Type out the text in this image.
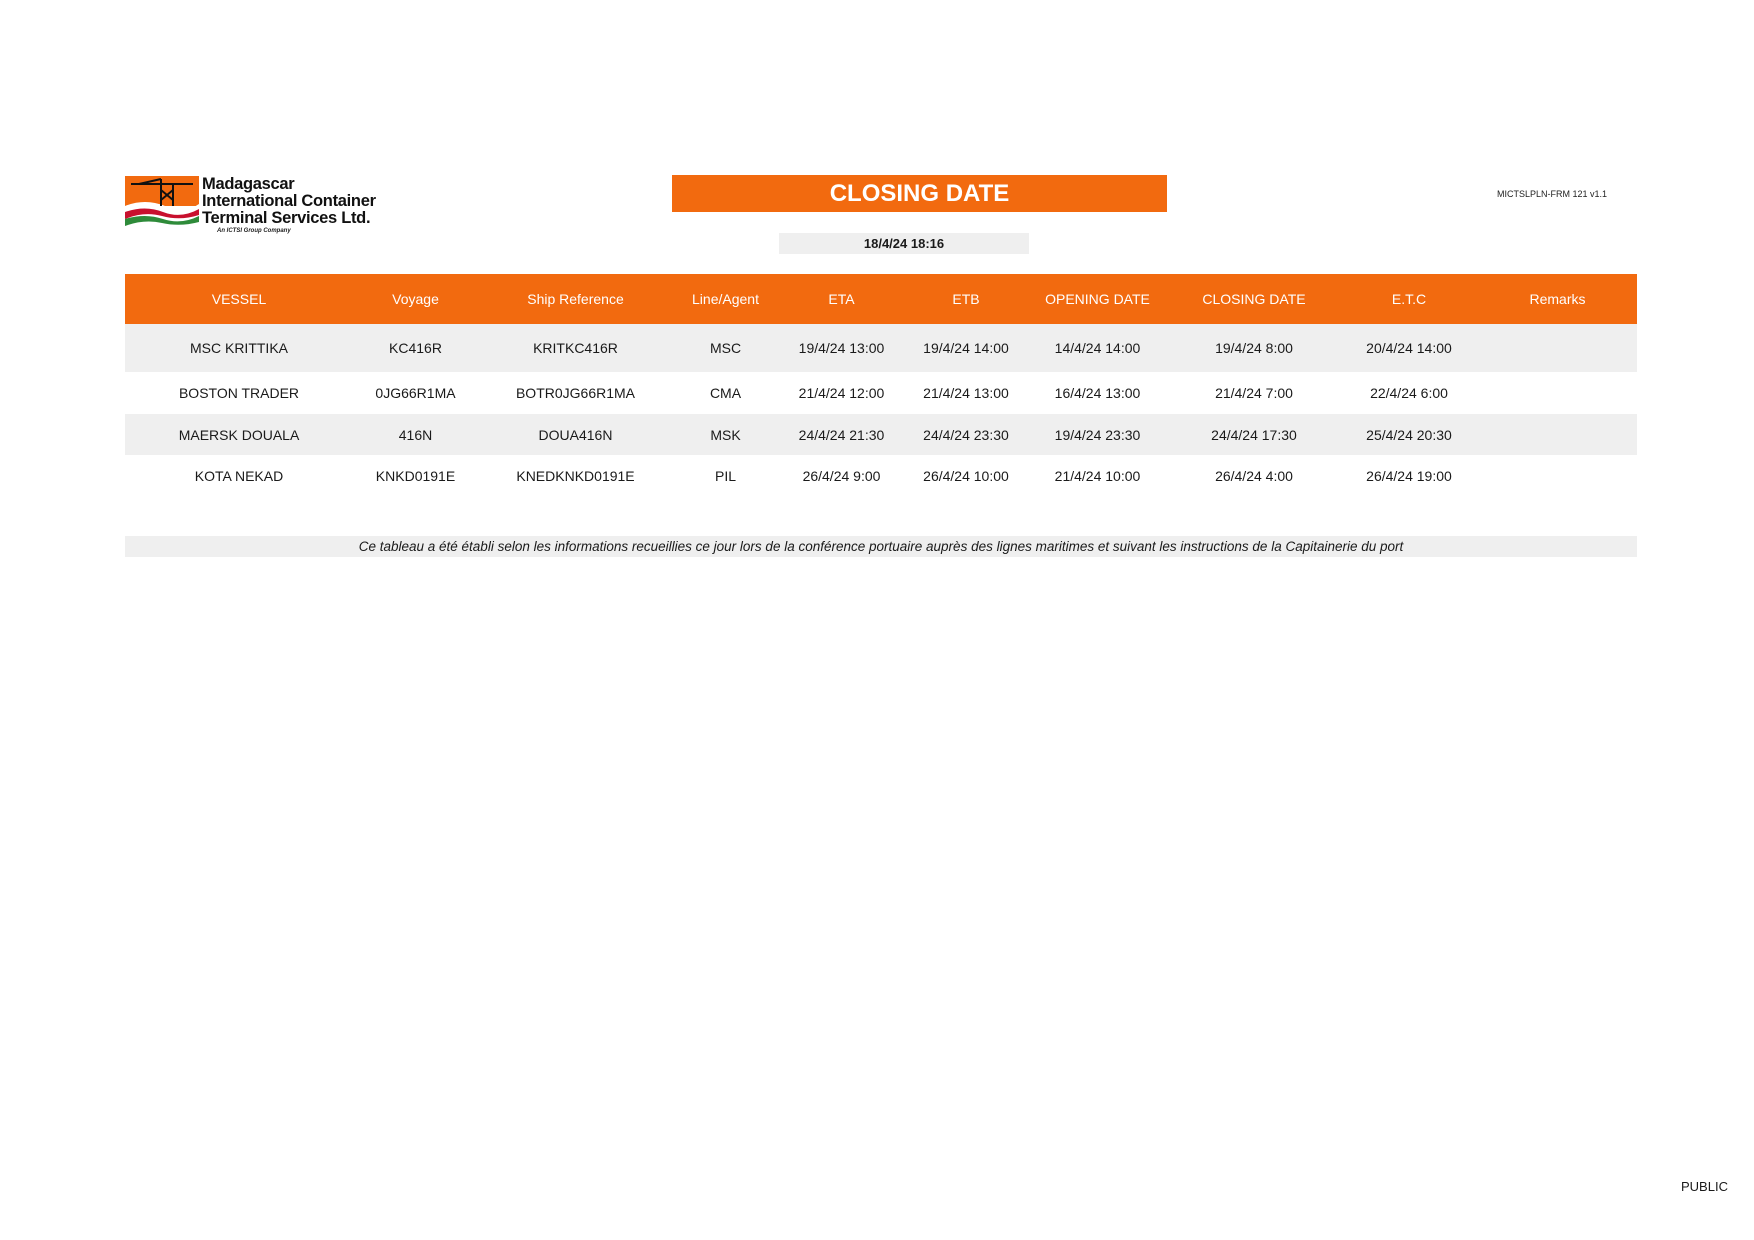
Madagascar
International Container
Terminal Services Ltd.
An ICTSI Group Company
CLOSING DATE
18/4/24 18:16
MICTSLPLN-FRM 121 v1.1
VESSEL	Voyage	Ship Reference	Line/Agent	ETA	ETB	OPENING DATE	CLOSING DATE	E.T.C	Remarks
MSC KRITTIKA	KC416R	KRITKC416R	MSC	19/4/24 13:00	19/4/24 14:00	14/4/24 14:00	19/4/24 8:00	20/4/24 14:00
BOSTON TRADER	0JG66R1MA	BOTR0JG66R1MA	CMA	21/4/24 12:00	21/4/24 13:00	16/4/24 13:00	21/4/24 7:00	22/4/24 6:00
MAERSK DOUALA	416N	DOUA416N	MSK	24/4/24 21:30	24/4/24 23:30	19/4/24 23:30	24/4/24 17:30	25/4/24 20:30
KOTA NEKAD	KNKD0191E	KNEDKNKD0191E	PIL	26/4/24 9:00	26/4/24 10:00	21/4/24 10:00	26/4/24 4:00	26/4/24 19:00
Ce tableau a été établi selon les informations recueillies ce jour lors de la conférence portuaire auprès des lignes maritimes et suivant les instructions de la Capitainerie du port
PUBLIC
